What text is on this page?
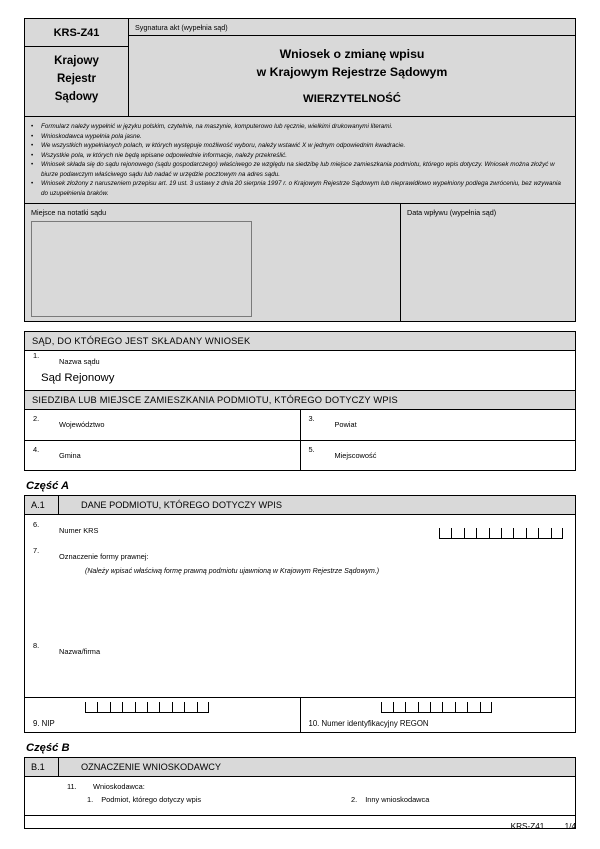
KRS-Z41
Krajowy
Rejestr
Sądowy
Sygnatura akt (wypełnia sąd)
Wniosek o zmianę wpisu
w Krajowym Rejestrze Sądowym
WIERZYTELNOŚĆ
•	Formularz należy wypełnić w języku polskim, czytelnie, na maszynie, komputerowo lub ręcznie, wielkimi drukowanymi literami.
•	Wnioskodawca wypełnia pola jasne.
•	We wszystkich wypełnianych polach, w których występuje możliwość wyboru, należy wstawić X w jednym odpowiednim kwadracie.
•	Wszystkie pola, w których nie będą wpisane odpowiednie informacje, należy przekreślić.
•	Wniosek składa się do sądu rejonowego (sądu gospodarczego) właściwego ze względu na siedzibę lub miejsce zamieszkania podmiotu, którego wpis dotyczy. Wniosek można złożyć w biurze podawczym właściwego sądu lub nadać w urzędzie pocztowym na adres sądu.
•	Wniosek złożony z naruszeniem przepisu art. 19 ust. 3 ustawy z dnia 20 sierpnia 1997 r. o Krajowym Rejestrze Sądowym lub nieprawidłowo wypełniony podlega zwróceniu, bez wzywania do uzupełnienia braków.
Miejsce na notatki sądu	Data wpływu (wypełnia sąd)
SĄD, DO KTÓREGO JEST SKŁADANY WNIOSEK
1.Nazwa sądu
Sąd Rejonowy
SIEDZIBA LUB MIEJSCE ZAMIESZKANIA PODMIOTU, KTÓREGO DOTYCZY WPIS
2.Województwo
3.Powiat
4.Gmina
5.Miejscowość
Część A
A.1	DANE PODMIOTU, KTÓREGO DOTYCZY WPIS
6.Numer KRS
7.Oznaczenie formy prawnej:
(Należy wpisać właściwą formę prawną podmiotu ujawnioną w Krajowym Rejestrze Sądowym.)
8.Nazwa/firma
9. NIP	10. Numer identyfikacyjny REGON
Część B
B.1	OZNACZENIE WNIOSKODAWCY
11. Wnioskodawca:
1. Podmiot, którego dotyczy wpis	2. Inny wnioskodawca
KRS-Z41 1/4
